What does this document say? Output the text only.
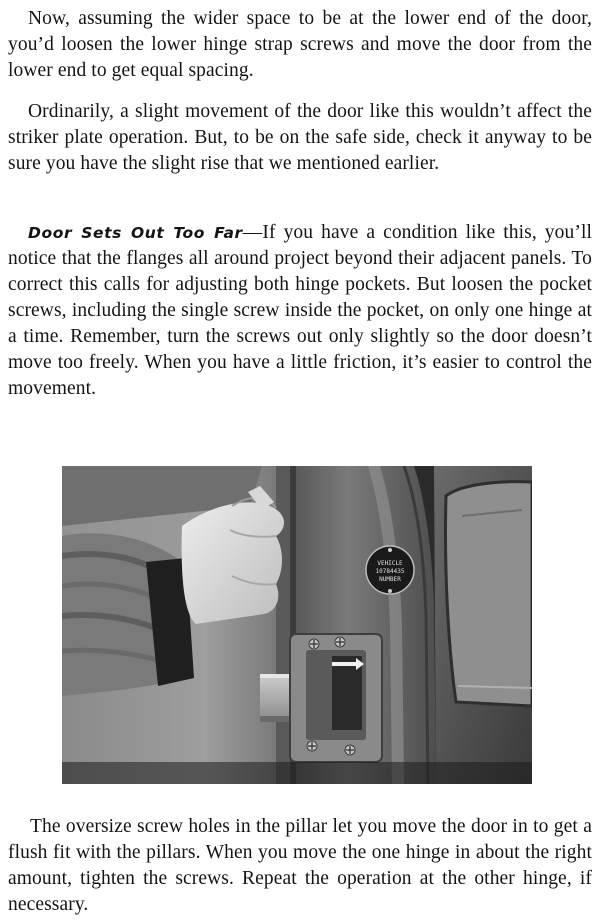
Now, assuming the wider space to be at the lower end of the door, you’d loosen the lower hinge strap screws and move the door from the lower end to get equal spacing.

Ordinarily, a slight movement of the door like this wouldn’t affect the striker plate operation. But, to be on the safe side, check it anyway to be sure you have the slight rise that we mentioned earlier.

Door Sets Out Too Far—If you have a condition like this, you’ll notice that the flanges all around project beyond their adjacent panels. To correct this calls for adjusting both hinge pockets. But loosen the pocket screws, including the single screw inside the pocket, on only one hinge at a time. Remember, turn the screws out only slightly so the door doesn’t move too freely. When you have a little friction, it’s easier to control the movement.

VEHICLE
10784435
NUMBER

The oversize screw holes in the pillar let you move the door in to get a flush fit with the pillars. When you move the one hinge in about the right amount, tighten the screws. Repeat the operation at the other hinge, if necessary.
